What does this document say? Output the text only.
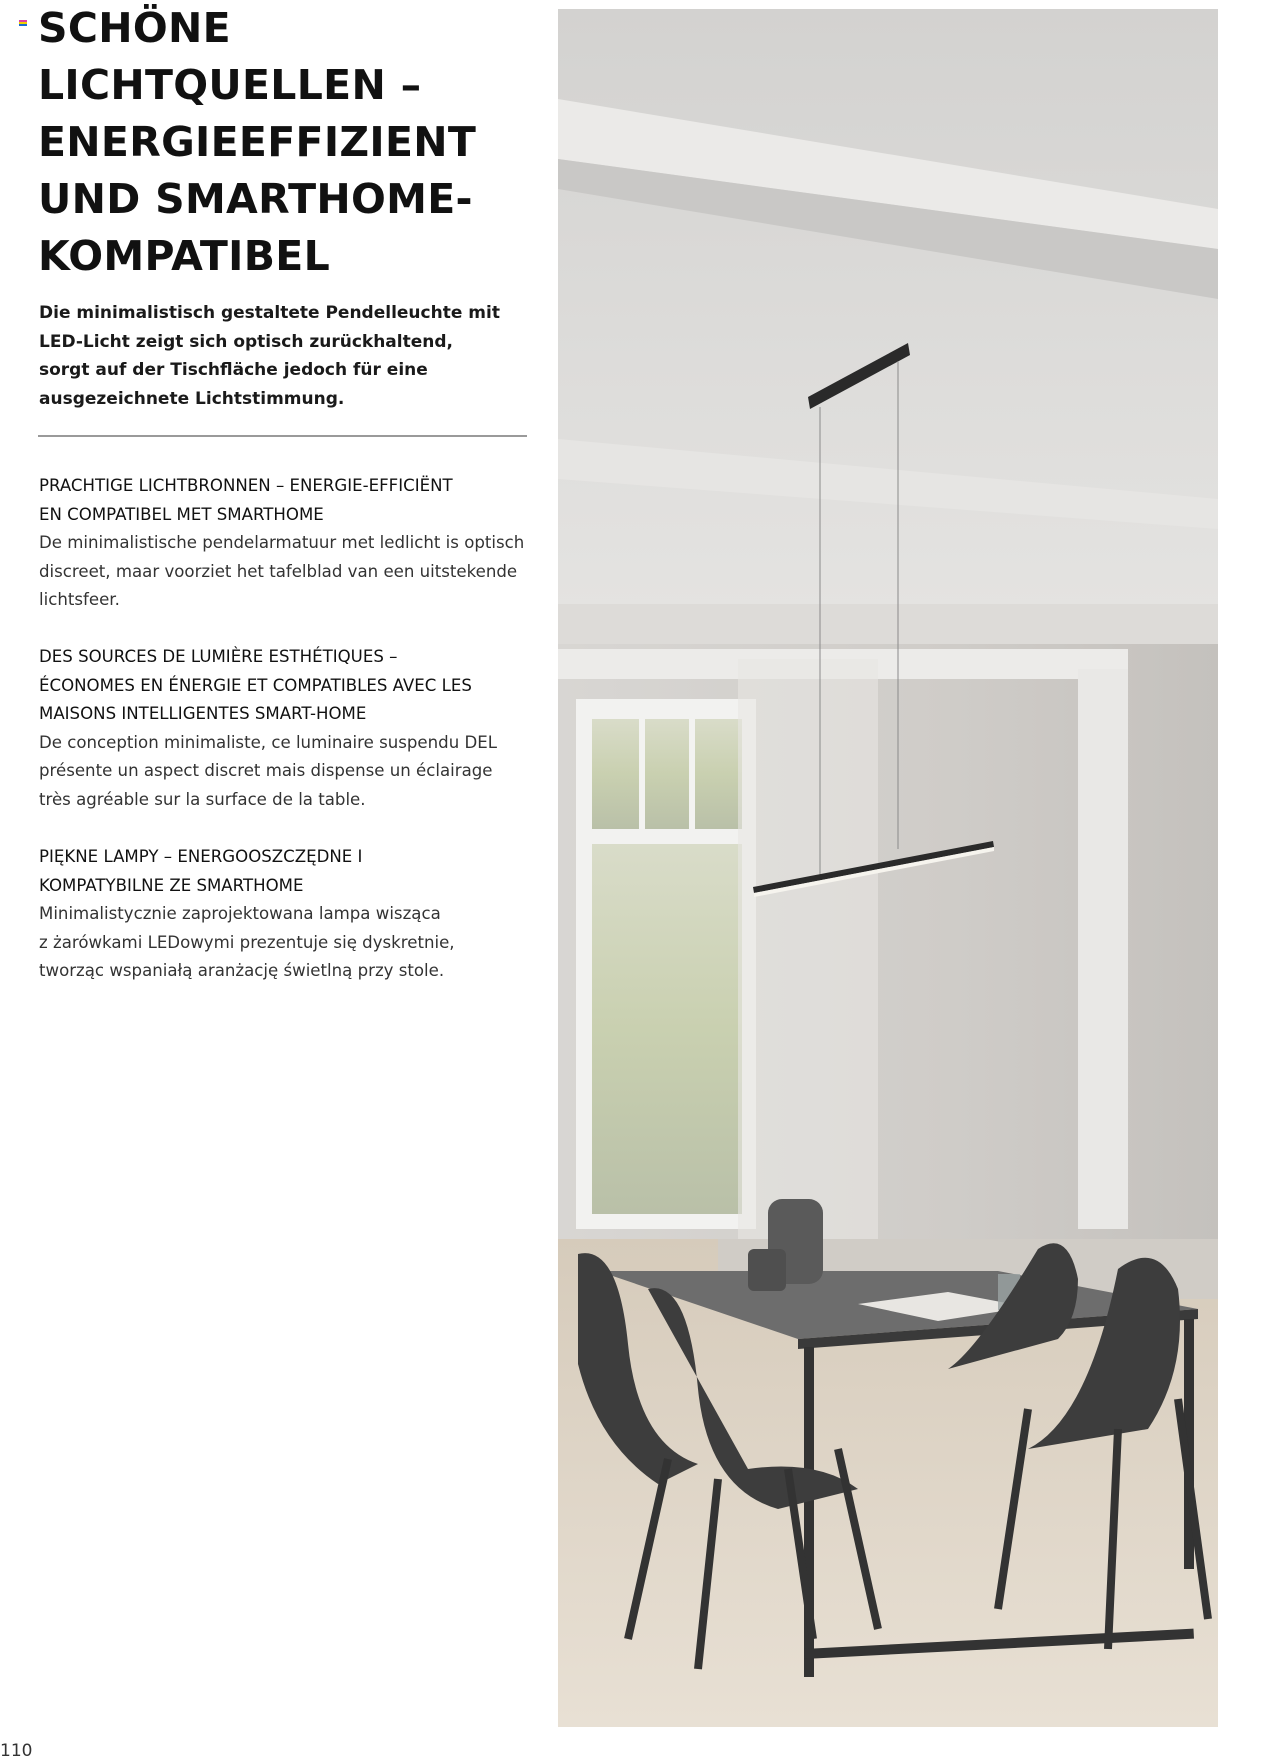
SCHÖNE
LICHTQUELLEN –
ENERGIEEFFIZIENT
UND SMARTHOME-
KOMPATIBEL
Die minimalistisch gestaltete Pendelleuchte mit
LED-Licht zeigt sich optisch zurückhaltend,
sorgt auf der Tischfläche jedoch für eine
ausgezeichnete Lichtstimmung.
PRACHTIGE LICHTBRONNEN – ENERGIE-EFFICIËNT
EN COMPATIBEL MET SMARTHOME
De minimalistische pendelarmatuur met ledlicht is optisch
discreet, maar voorziet het tafelblad van een uitstekende
lichtsfeer.
DES SOURCES DE LUMIÈRE ESTHÉTIQUES –
ÉCONOMES EN ÉNERGIE ET COMPATIBLES AVEC LES
MAISONS INTELLIGENTES SMART-HOME
De conception minimaliste, ce luminaire suspendu DEL
présente un aspect discret mais dispense un éclairage
très agréable sur la surface de la table.
PIĘKNE LAMPY – ENERGOOSZCZĘDNE I
KOMPATYBILNE ZE SMARTHOME
Minimalistycznie zaprojektowana lampa wisząca
z żarówkami LEDowymi prezentuje się dyskretnie,
tworząc wspaniałą aranżację świetlną przy stole.
110
